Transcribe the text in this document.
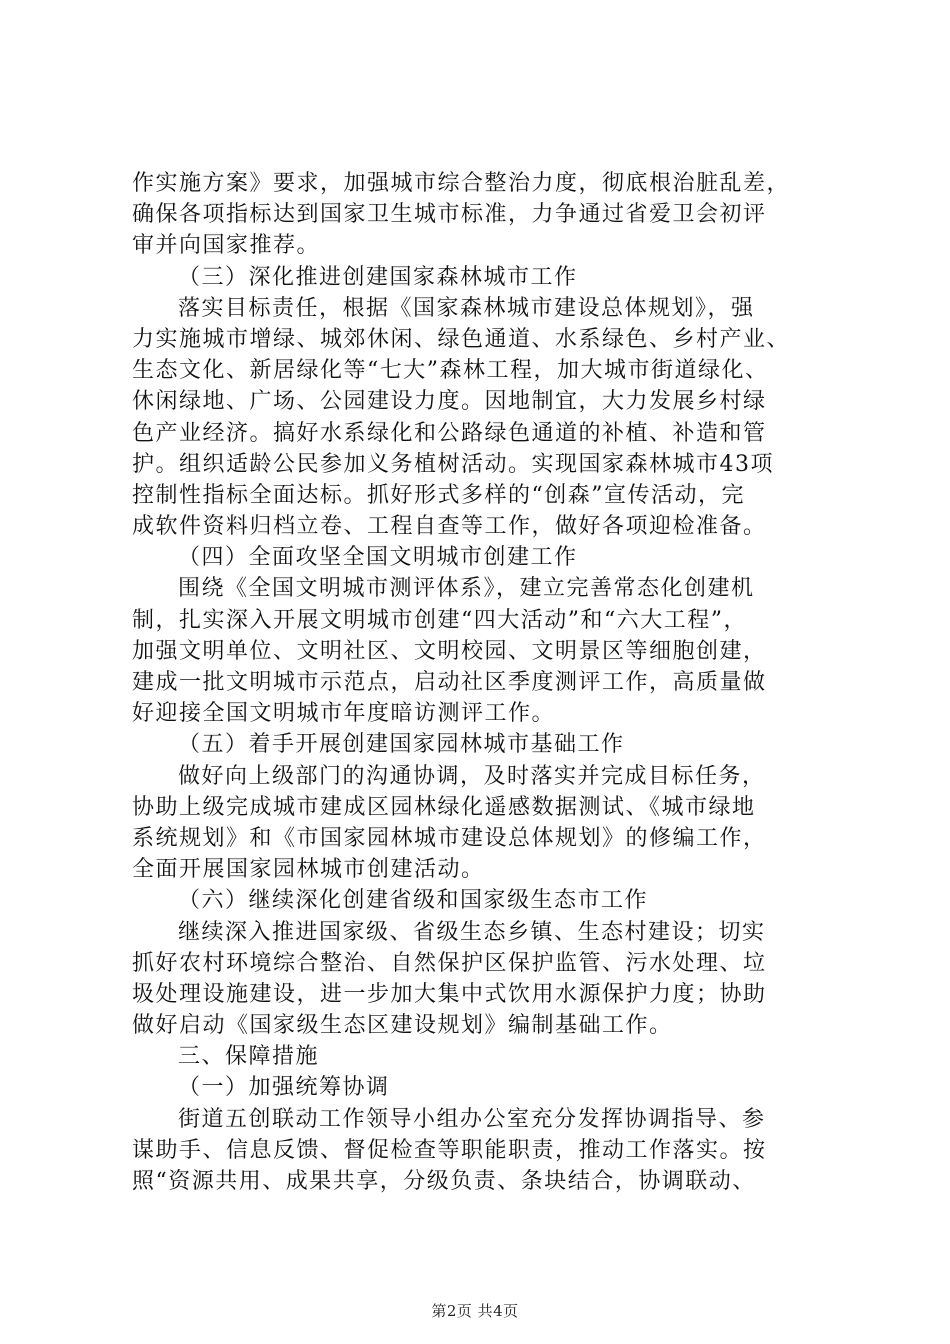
作实施方案》要求，加强城市综合整治力度，彻底根治脏乱差，
确保各项指标达到国家卫生城市标准，力争通过省爱卫会初评
审并向国家推荐。
（三）深化推进创建国家森林城市工作
落实目标责任，根据《国家森林城市建设总体规划》，强
力实施城市增绿、城郊休闲、绿色通道、水系绿色、乡村产业、
生态文化、新居绿化等“七大”森林工程，加大城市街道绿化、
休闲绿地、广场、公园建设力度。因地制宜，大力发展乡村绿
色产业经济。搞好水系绿化和公路绿色通道的补植、补造和管
护。组织适龄公民参加义务植树活动。实现国家森林城市43项
控制性指标全面达标。抓好形式多样的“创森”宣传活动，完
成软件资料归档立卷、工程自查等工作，做好各项迎检准备。
（四）全面攻坚全国文明城市创建工作
围绕《全国文明城市测评体系》，建立完善常态化创建机
制，扎实深入开展文明城市创建“四大活动”和“六大工程”，
加强文明单位、文明社区、文明校园、文明景区等细胞创建，
建成一批文明城市示范点，启动社区季度测评工作，高质量做
好迎接全国文明城市年度暗访测评工作。
（五）着手开展创建国家园林城市基础工作
做好向上级部门的沟通协调，及时落实并完成目标任务，
协助上级完成城市建成区园林绿化遥感数据测试、《城市绿地
系统规划》和《市国家园林城市建设总体规划》的修编工作，
全面开展国家园林城市创建活动。
（六）继续深化创建省级和国家级生态市工作
继续深入推进国家级、省级生态乡镇、生态村建设；切实
抓好农村环境综合整治、自然保护区保护监管、污水处理、垃
圾处理设施建设，进一步加大集中式饮用水源保护力度；协助
做好启动《国家级生态区建设规划》编制基础工作。
三、保障措施
（一）加强统筹协调
街道五创联动工作领导小组办公室充分发挥协调指导、参
谋助手、信息反馈、督促检查等职能职责，推动工作落实。按
照“资源共用、成果共享，分级负责、条块结合，协调联动、
第2页 共4页
